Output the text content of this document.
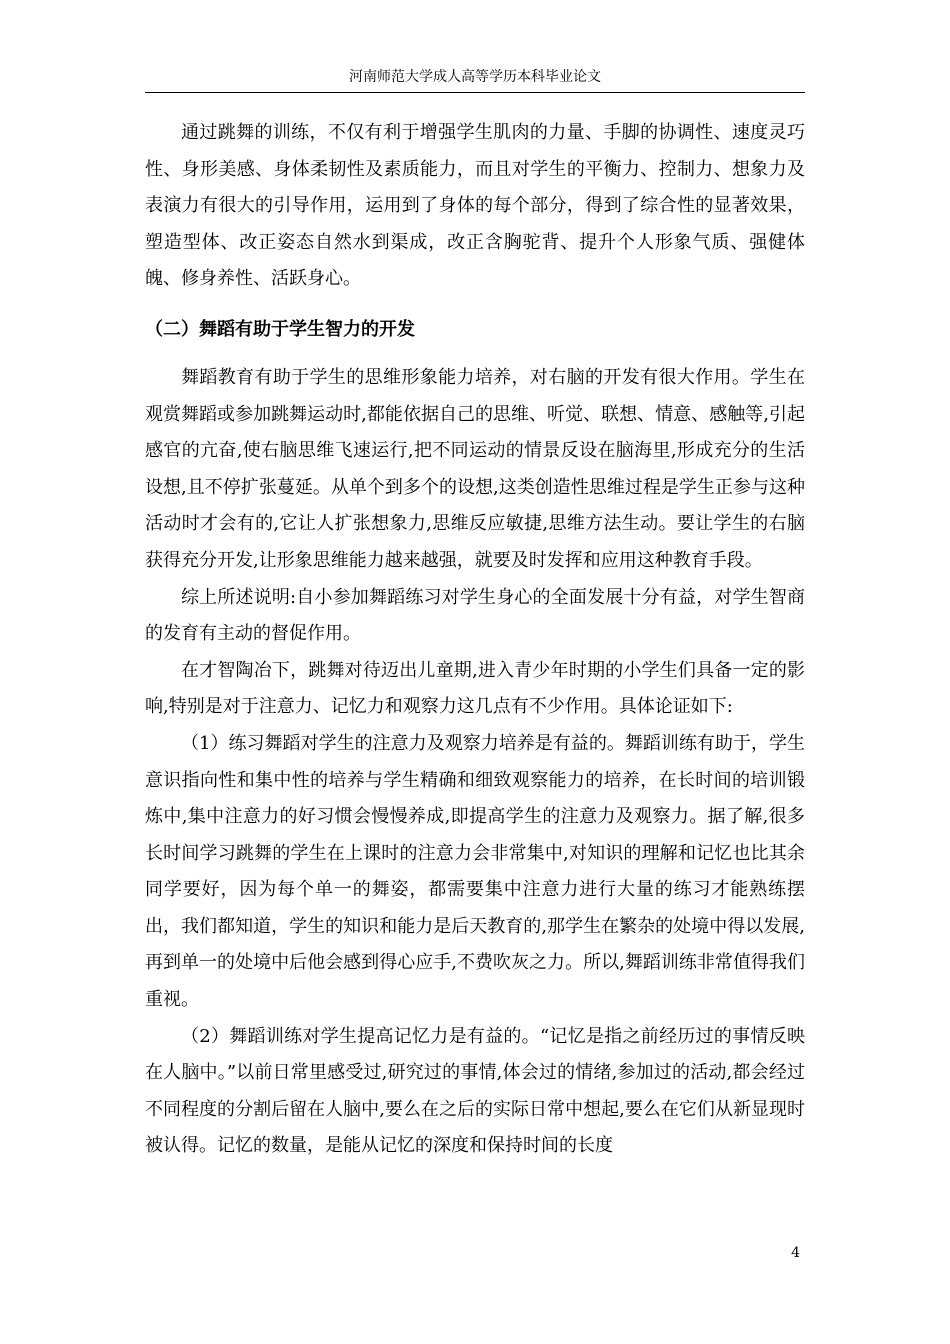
河南师范大学成人高等学历本科毕业论文

通过跳舞的训练，不仅有利于增强学生肌肉的力量、手脚的协调性、速度灵巧性、身形美感、身体柔韧性及素质能力，而且对学生的平衡力、控制力、想象力及表演力有很大的引导作用，运用到了身体的每个部分，得到了综合性的显著效果，塑造型体、改正姿态自然水到渠成，改正含胸驼背、提升个人形象气质、强健体魄、修身养性、活跃身心。

（二）舞蹈有助于学生智力的开发

舞蹈教育有助于学生的思维形象能力培养，对右脑的开发有很大作用。学生在观赏舞蹈或参加跳舞运动时,都能依据自己的思维、听觉、联想、情意、感触等,引起感官的亢奋,使右脑思维飞速运行,把不同运动的情景反设在脑海里,形成充分的生活设想,且不停扩张蔓延。从单个到多个的设想,这类创造性思维过程是学生正参与这种活动时才会有的,它让人扩张想象力,思维反应敏捷,思维方法生动。要让学生的右脑获得充分开发,让形象思维能力越来越强，就要及时发挥和应用这种教育手段。

综上所述说明:自小参加舞蹈练习对学生身心的全面发展十分有益，对学生智商的发育有主动的督促作用。

在才智陶冶下，跳舞对待迈出儿童期,进入青少年时期的小学生们具备一定的影响,特别是对于注意力、记忆力和观察力这几点有不少作用。具体论证如下:

（1）练习舞蹈对学生的注意力及观察力培养是有益的。舞蹈训练有助于，学生意识指向性和集中性的培养与学生精确和细致观察能力的培养，在长时间的培训锻炼中,集中注意力的好习惯会慢慢养成,即提高学生的注意力及观察力。据了解,很多长时间学习跳舞的学生在上课时的注意力会非常集中,对知识的理解和记忆也比其余同学要好，因为每个单一的舞姿，都需要集中注意力进行大量的练习才能熟练摆出，我们都知道，学生的知识和能力是后天教育的,那学生在繁杂的处境中得以发展,再到单一的处境中后他会感到得心应手,不费吹灰之力。所以,舞蹈训练非常值得我们重视。

（2）舞蹈训练对学生提高记忆力是有益的。“记忆是指之前经历过的事情反映在人脑中。”以前日常里感受过,研究过的事情,体会过的情绪,参加过的活动,都会经过不同程度的分割后留在人脑中,要么在之后的实际日常中想起,要么在它们从新显现时被认得。记忆的数量，是能从记忆的深度和保持时间的长度

4
